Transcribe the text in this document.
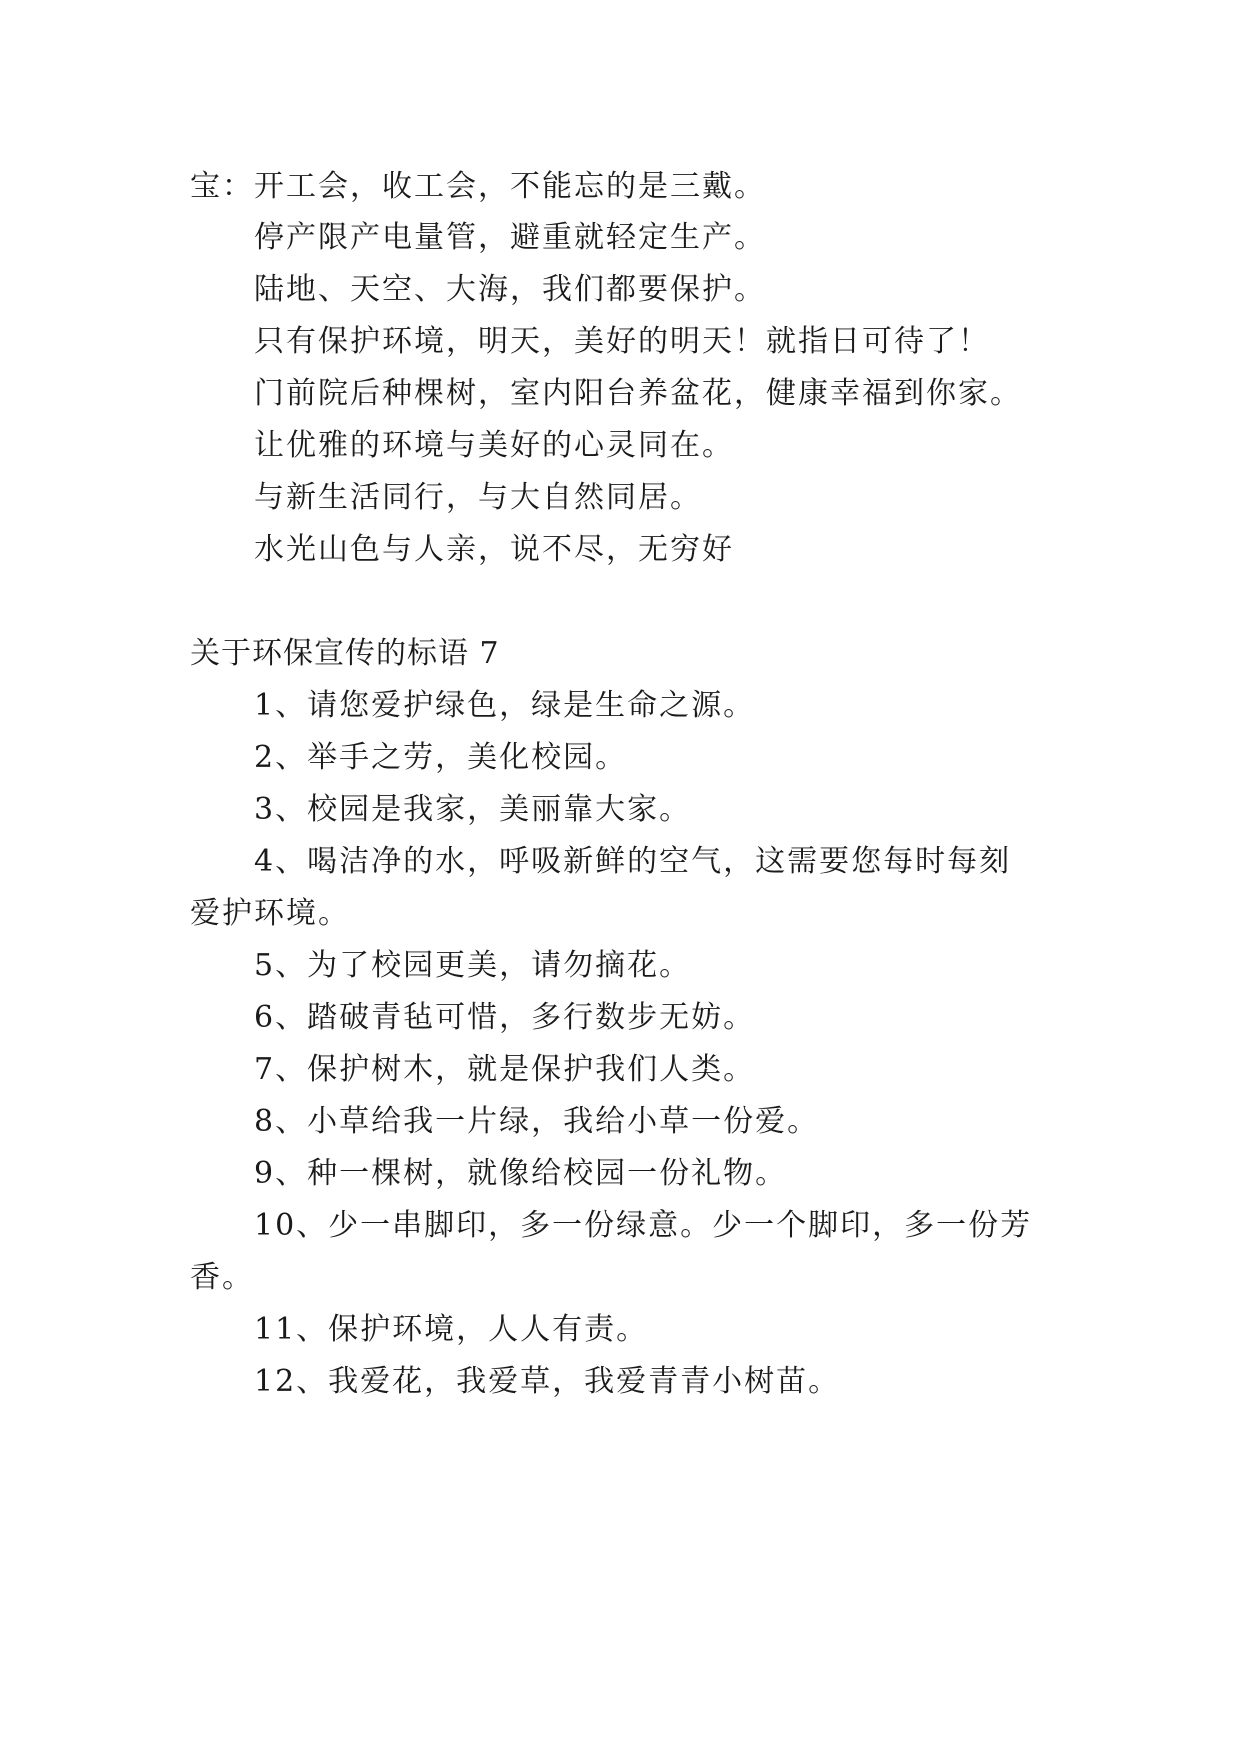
宝：开工会，收工会，不能忘的是三戴。

停产限产电量管，避重就轻定生产。

陆地、天空、大海，我们都要保护。

只有保护环境，明天，美好的明天！就指日可待了！

门前院后种棵树，室内阳台养盆花，健康幸福到你家。

让优雅的环境与美好的心灵同在。

与新生活同行，与大自然同居。

水光山色与人亲，说不尽，无穷好

关于环保宣传的标语 7

1、请您爱护绿色，绿是生命之源。

2、举手之劳，美化校园。

3、校园是我家，美丽靠大家。

4、喝洁净的水，呼吸新鲜的空气，这需要您每时每刻

爱护环境。

5、为了校园更美，请勿摘花。

6、踏破青毡可惜，多行数步无妨。

7、保护树木，就是保护我们人类。

8、小草给我一片绿，我给小草一份爱。

9、种一棵树，就像给校园一份礼物。

10、少一串脚印，多一份绿意。少一个脚印，多一份芳

香。

11、保护环境，人人有责。

12、我爱花，我爱草，我爱青青小树苗。
